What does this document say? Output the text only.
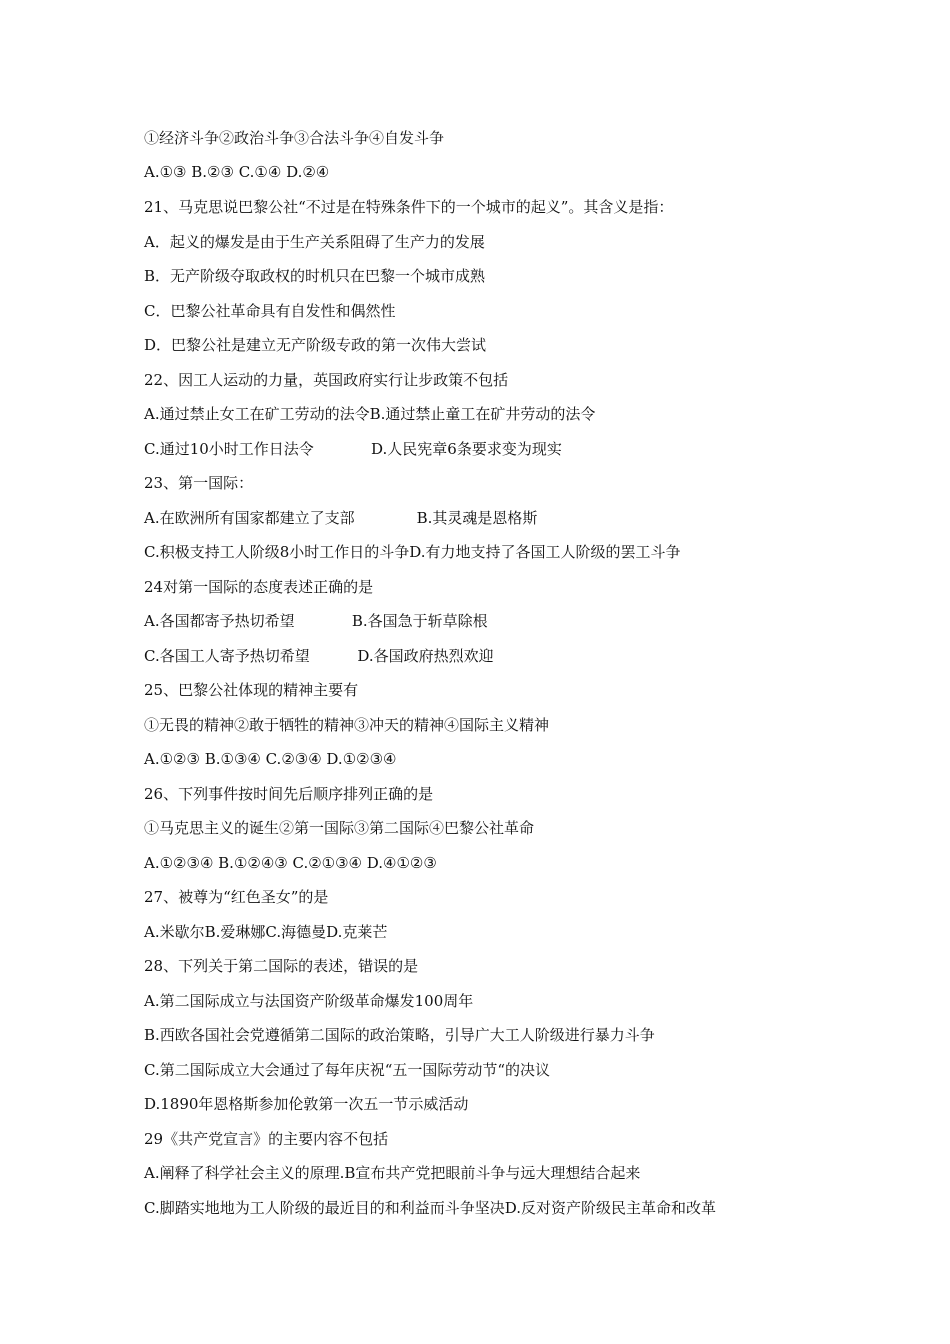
①经济斗争②政治斗争③合法斗争④自发斗争
A.①③ B.②③ C.①④ D.②④
21、马克思说巴黎公社“不过是在特殊条件下的一个城市的起义”。其含义是指：
A．起义的爆发是由于生产关系阻碍了生产力的发展
B．无产阶级夺取政权的时机只在巴黎一个城市成熟
C．巴黎公社革命具有自发性和偶然性
D．巴黎公社是建立无产阶级专政的第一次伟大尝试
22、因工人运动的力量，英国政府实行让步政策不包括
A.通过禁止女工在矿工劳动的法令B.通过禁止童工在矿井劳动的法令
C.通过10小时工作日法令            D.人民宪章6条要求变为现实
23、第一国际：
A.在欧洲所有国家都建立了支部             B.其灵魂是恩格斯
C.积极支持工人阶级8小时工作日的斗争D.有力地支持了各国工人阶级的罢工斗争
24对第一国际的态度表述正确的是
A.各国都寄予热切希望            B.各国急于斩草除根
C.各国工人寄予热切希望          D.各国政府热烈欢迎
25、巴黎公社体现的精神主要有
①无畏的精神②敢于牺牲的精神③冲天的精神④国际主义精神
A.①②③ B.①③④ C.②③④ D.①②③④
26、下列事件按时间先后顺序排列正确的是
①马克思主义的诞生②第一国际③第二国际④巴黎公社革命
A.①②③④ B.①②④③ C.②①③④ D.④①②③
27、被尊为“红色圣女”的是
A.米歇尔B.爱琳娜C.海德曼D.克莱芒
28、下列关于第二国际的表述，错误的是
A.第二国际成立与法国资产阶级革命爆发100周年
B.西欧各国社会党遵循第二国际的政治策略，引导广大工人阶级进行暴力斗争
C.第二国际成立大会通过了每年庆祝“五一国际劳动节“的决议
D.1890年恩格斯参加伦敦第一次五一节示威活动
29《共产党宣言》的主要内容不包括
A.阐释了科学社会主义的原理.B宣布共产党把眼前斗争与远大理想结合起来
C.脚踏实地地为工人阶级的最近目的和利益而斗争坚决D.反对资产阶级民主革命和改革
